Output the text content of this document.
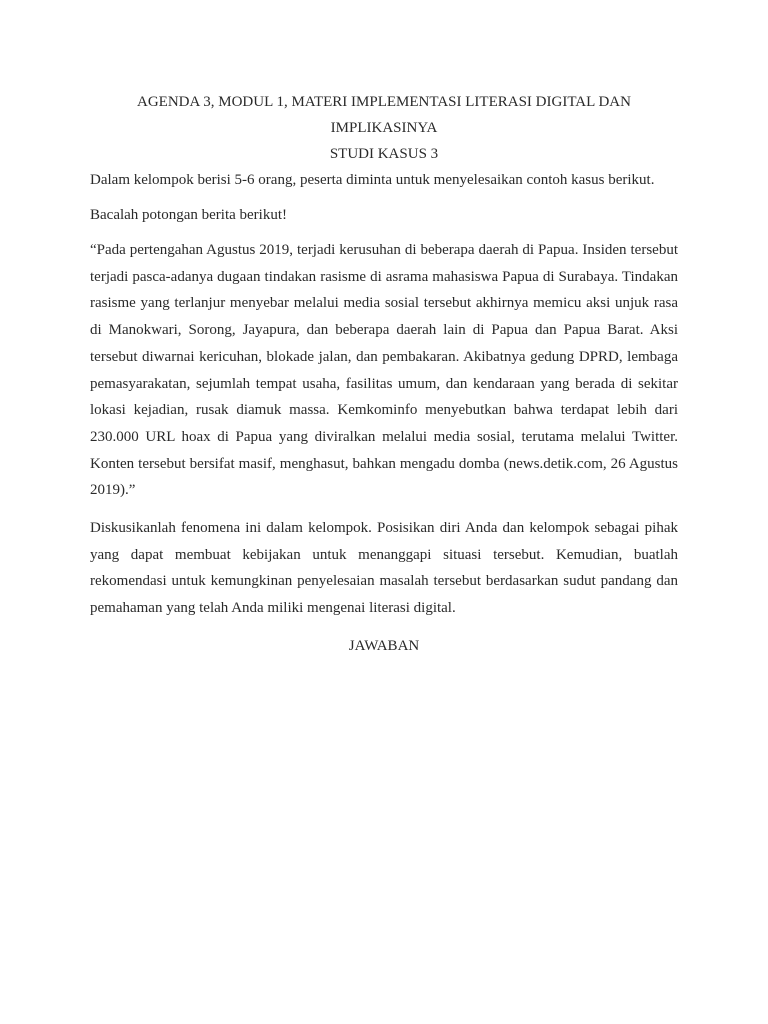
AGENDA 3, MODUL 1, MATERI IMPLEMENTASI LITERASI DIGITAL DAN
IMPLIKASINYA
STUDI KASUS 3

Dalam kelompok berisi 5-6 orang, peserta diminta untuk menyelesaikan contoh kasus berikut.

Bacalah potongan berita berikut!

“Pada pertengahan Agustus 2019, terjadi kerusuhan di beberapa daerah di Papua. Insiden tersebut terjadi pasca-adanya dugaan tindakan rasisme di asrama mahasiswa Papua di Surabaya. Tindakan rasisme yang terlanjur menyebar melalui media sosial tersebut akhirnya memicu aksi unjuk rasa di Manokwari, Sorong, Jayapura, dan beberapa daerah lain di Papua dan Papua Barat. Aksi tersebut diwarnai kericuhan, blokade jalan, dan pembakaran. Akibatnya gedung DPRD, lembaga pemasyarakatan, sejumlah tempat usaha, fasilitas umum, dan kendaraan yang berada di sekitar lokasi kejadian, rusak diamuk massa. Kemkominfo menyebutkan bahwa terdapat lebih dari 230.000 URL hoax di Papua yang diviralkan melalui media sosial, terutama melalui Twitter. Konten tersebut bersifat masif, menghasut, bahkan mengadu domba (news.detik.com, 26 Agustus 2019).”

Diskusikanlah fenomena ini dalam kelompok. Posisikan diri Anda dan kelompok sebagai pihak yang dapat membuat kebijakan untuk menanggapi situasi tersebut. Kemudian, buatlah rekomendasi untuk kemungkinan penyelesaian masalah tersebut berdasarkan sudut pandang dan pemahaman yang telah Anda miliki mengenai literasi digital.

JAWABAN
